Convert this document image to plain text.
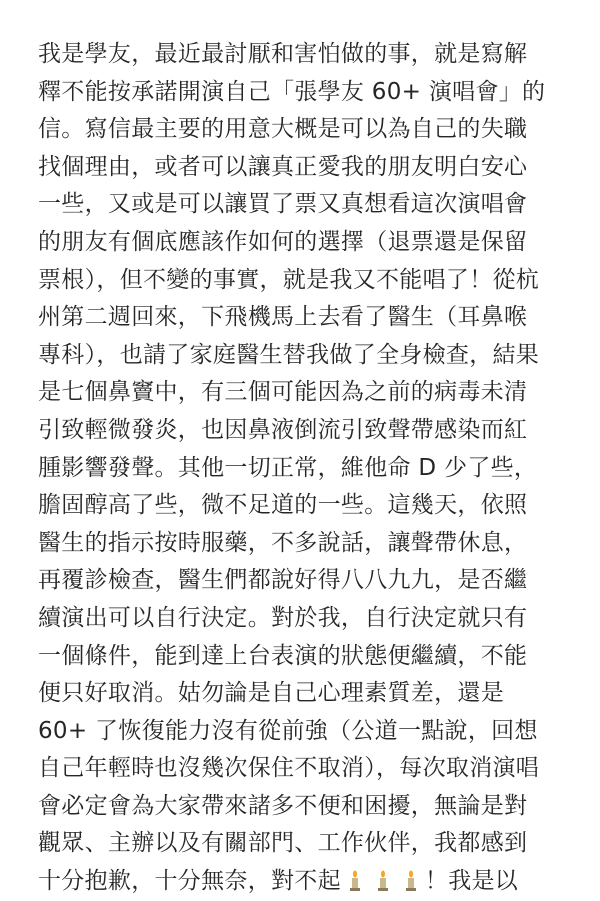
我是學友，最近最討厭和害怕做的事，就是寫解
釋不能按承諾開演自己「張學友 60+ 演唱會」的
信。寫信最主要的用意大概是可以為自己的失職
找個理由，或者可以讓真正愛我的朋友明白安心
一些，又或是可以讓買了票又真想看這次演唱會
的朋友有個底應該作如何的選擇（退票還是保留
票根），但不變的事實，就是我又不能唱了！從杭
州第二週回來，下飛機馬上去看了醫生（耳鼻喉
專科），也請了家庭醫生替我做了全身檢查，結果
是七個鼻竇中，有三個可能因為之前的病毒未清
引致輕微發炎，也因鼻液倒流引致聲帶感染而紅
腫影響發聲。其他一切正常，維他命 D 少了些，
膽固醇高了些，微不足道的一些。這幾天，依照
醫生的指示按時服藥，不多說話，讓聲帶休息，
再覆診檢查，醫生們都說好得八八九九，是否繼
續演出可以自行決定。對於我，自行決定就只有
一個條件，能到達上台表演的狀態便繼續，不能
便只好取消。姑勿論是自己心理素質差，還是
60+ 了恢復能力沒有從前強（公道一點說，回想
自己年輕時也沒幾次保住不取消），每次取消演唱
會必定會為大家帶來諸多不便和困擾，無論是對
觀眾、主辦以及有關部門、工作伙伴，我都感到
十分抱歉，十分無奈，對不起	！我是以
